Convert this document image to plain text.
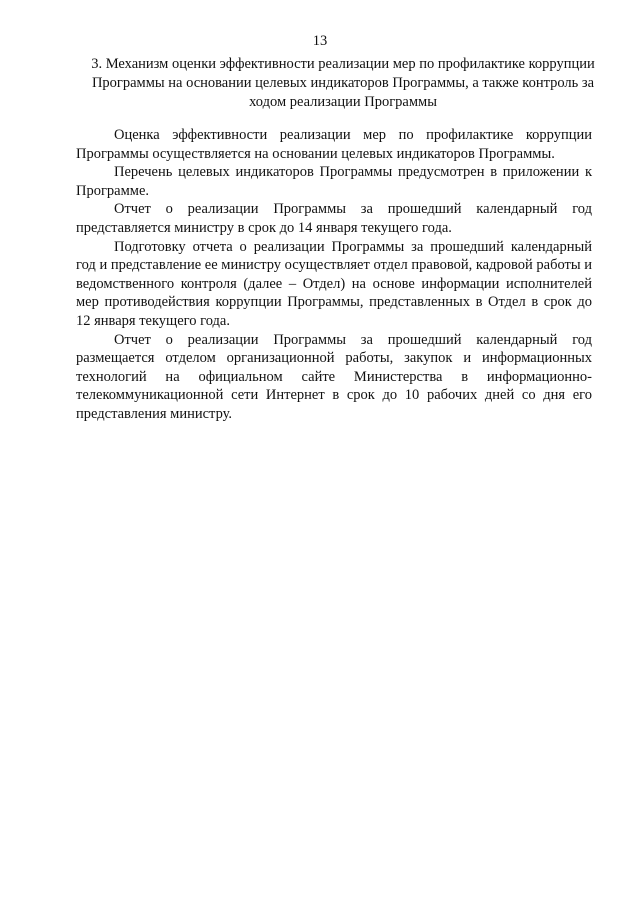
13
3. Механизм оценки эффективности реализации мер по профилактике коррупции Программы на основании целевых индикаторов Программы, а также контроль за ходом реализации Программы

Оценка эффективности реализации мер по профилактике коррупции Программы осуществляется на основании целевых индикаторов Программы.

Перечень целевых индикаторов Программы предусмотрен в приложении к Программе.

Отчет о реализации Программы за прошедший календарный год представляется министру в срок до 14 января текущего года.

Подготовку отчета о реализации Программы за прошедший календарный год и представление ее министру осуществляет отдел правовой, кадровой работы и ведомственного контроля (далее – Отдел) на основе информации исполнителей мер противодействия коррупции Программы, представленных в Отдел в срок до 12 января текущего года.

Отчет о реализации Программы за прошедший календарный год размещается отделом организационной работы, закупок и информационных технологий на официальном сайте Министерства в информационно-телекоммуникационной сети Интернет в срок до 10 рабочих дней со дня его представления министру.
